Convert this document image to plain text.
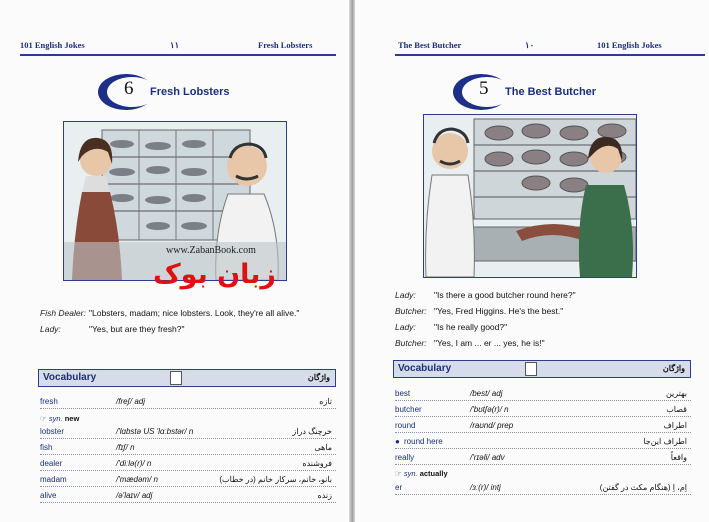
101 English Jokes	۱۱	Fresh Lobsters
6 Fresh Lobsters
www.ZabanBook.com
زبان بوک
Fish Dealer: "Lobsters, madam; nice lobsters. Look, they're all alive."
Lady:	"Yes, but are they fresh?"
Vocabulary	واژگان
fresh	/freʃ/ adj	تازه
☞ syn. new
lobster	/'lɑbstə US 'lɑːbstər/ n	خرچنگ دراز
fish	/fɪʃ/ n	ماهی
dealer	/'diːlə(r)/ n	فروشنده
madam	/'mædəm/ n	(در خطاب) بانو، خانم، سرکار خانم
alive	/ə'laɪv/ adj	زنده
The Best Butcher	۱۰	101 English Jokes
5 The Best Butcher
Lady: "Is there a good butcher round here?"
Butcher: "Yes, Fred Higgins. He's the best."
Lady: "Is he really good?"
Butcher: "Yes, I am ... er ... yes, he is!"
Vocabulary	واژگان
best	/best/ adj	بهترین
butcher	/'bʊtʃə(r)/ n	قصاب
round	/raʊnd/ prep	اطراف
● round here	اطراف این‌جا
really	/'rɪəli/ adv	واقعاً
☞ syn. actually
er	/ɜː(r)/ intj	(هنگام مکث در گفتن) اِم، اِ
